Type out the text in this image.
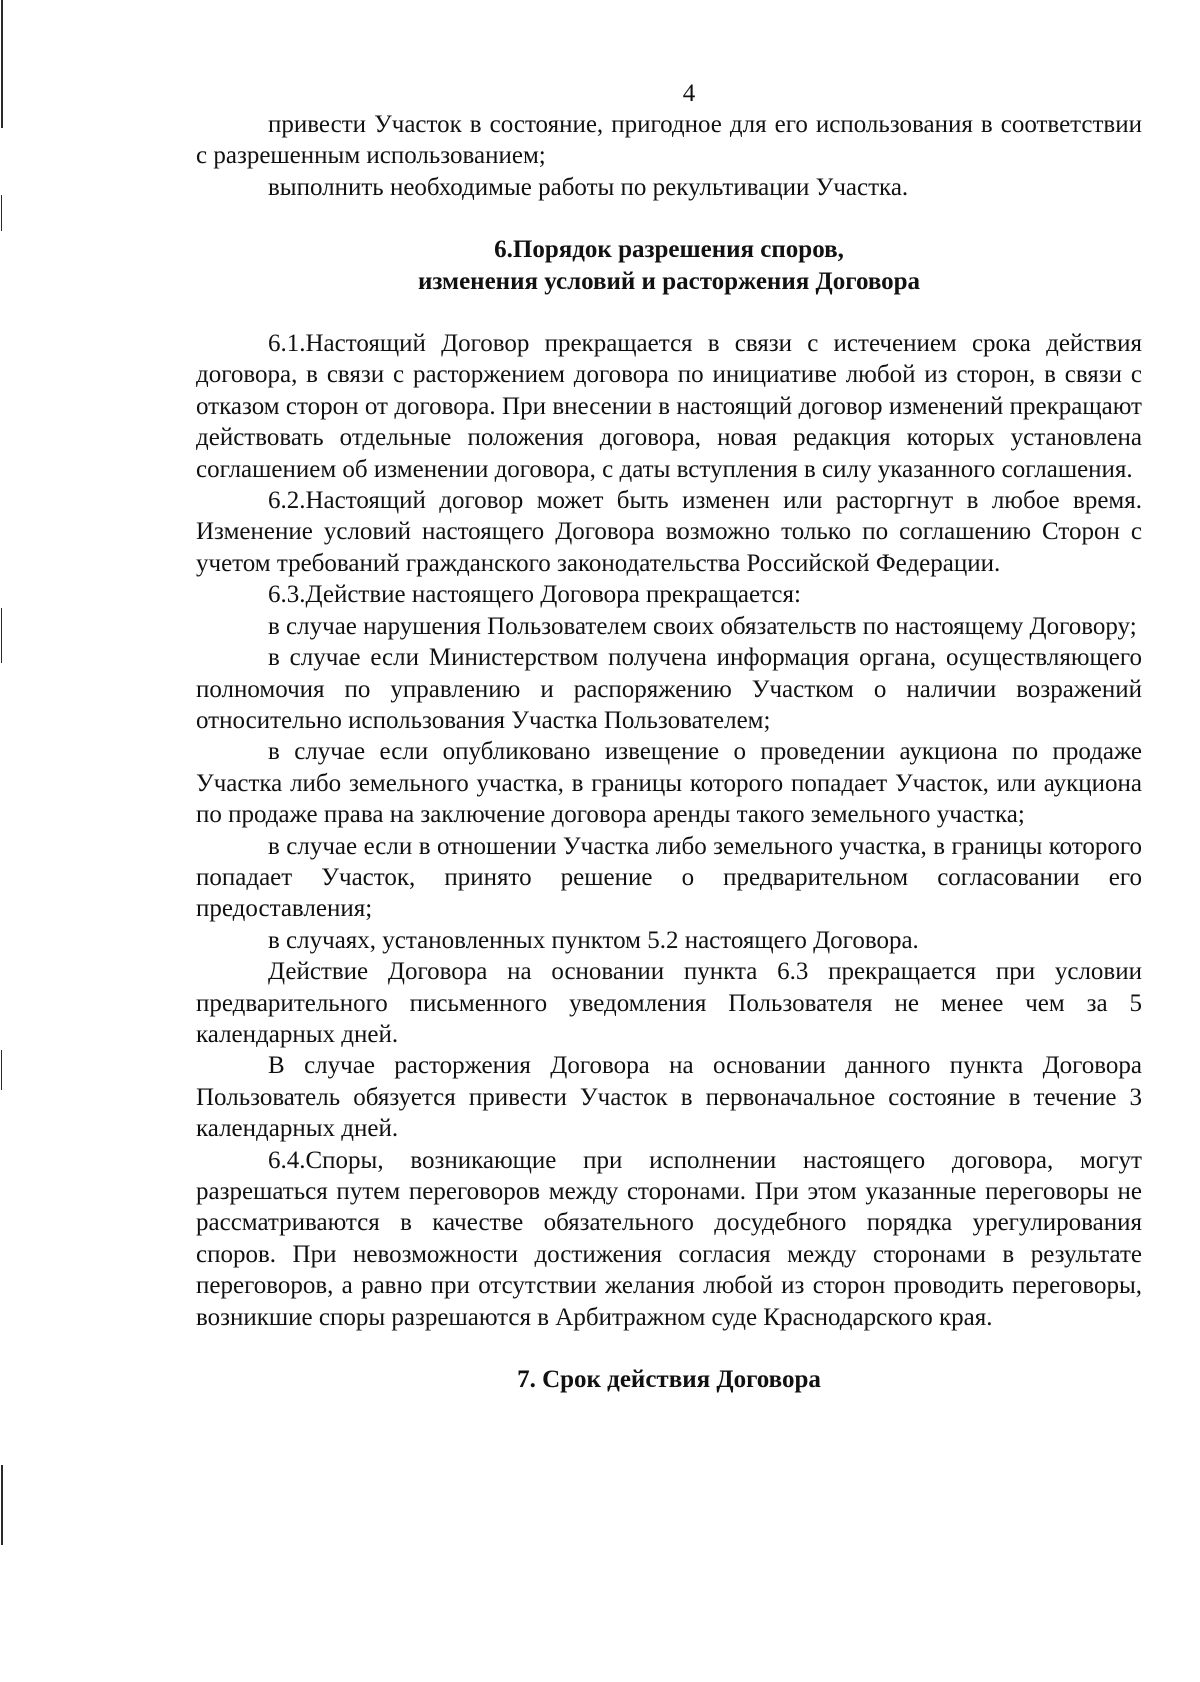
4

привести Участок в состояние, пригодное для его использования в соответствии с разрешенным использованием;

выполнить необходимые работы по рекультивации Участка.

6.Порядок разрешения споров,
изменения условий и расторжения Договора

6.1.Настоящий Договор прекращается в связи с истечением срока действия договора, в связи с расторжением договора по инициативе любой из сторон, в связи с отказом сторон от договора. При внесении в настоящий договор изменений прекращают действовать отдельные положения договора, новая редакция которых установлена соглашением об изменении договора, с даты вступления в силу указанного соглашения.

6.2.Настоящий договор может быть изменен или расторгнут в любое время. Изменение условий настоящего Договора возможно только по соглашению Сторон с учетом требований гражданского законодательства Российской Федерации.

6.3.Действие настоящего Договора прекращается:

в случае нарушения Пользователем своих обязательств по настоящему Договору;

в случае если Министерством получена информация органа, осуществляющего полномочия по управлению и распоряжению Участком о наличии возражений относительно использования Участка Пользователем;

в случае если опубликовано извещение о проведении аукциона по продаже Участка либо земельного участка, в границы которого попадает Участок, или аукциона по продаже права на заключение договора аренды такого земельного участка;

в случае если в отношении Участка либо земельного участка, в границы которого попадает Участок, принято решение о предварительном согласовании его предоставления;

в случаях, установленных пунктом 5.2 настоящего Договора.

Действие Договора на основании пункта 6.3 прекращается при условии предварительного письменного уведомления Пользователя не менее чем за 5 календарных дней.

В случае расторжения Договора на основании данного пункта Договора Пользователь обязуется привести Участок в первоначальное состояние в течение 3 календарных дней.

6.4.Споры, возникающие при исполнении настоящего договора, могут разрешаться путем переговоров между сторонами. При этом указанные переговоры не рассматриваются в качестве обязательного досудебного порядка урегулирования споров. При невозможности достижения согласия между сторонами в результате переговоров, а равно при отсутствии желания любой из сторон проводить переговоры, возникшие споры разрешаются в Арбитражном суде Краснодарского края.

7. Срок действия Договора
